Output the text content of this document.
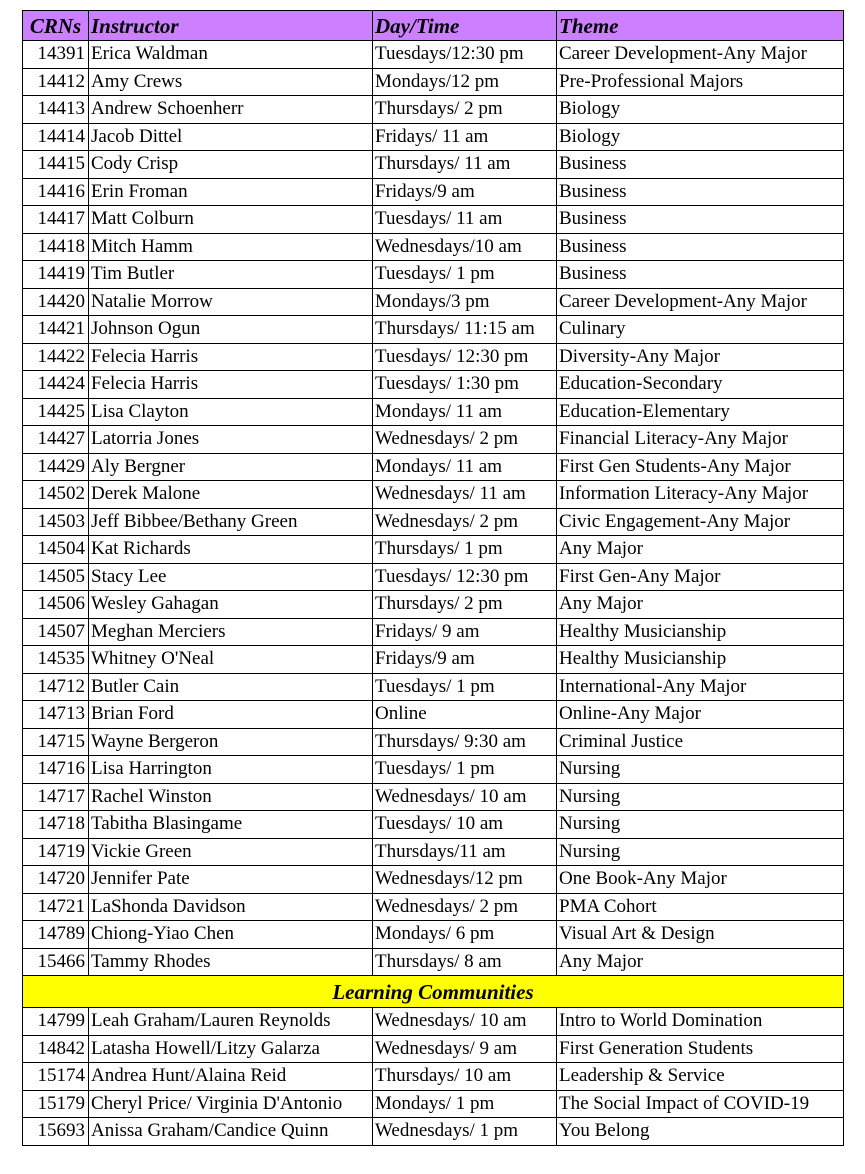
CRNs	Instructor	Day/Time	Theme
14391	Erica Waldman	Tuesdays/12:30 pm	Career Development-Any Major
14412	Amy Crews	Mondays/12 pm	Pre-Professional Majors
14413	Andrew Schoenherr	Thursdays/ 2 pm	Biology
14414	Jacob Dittel	Fridays/ 11 am	Biology
14415	Cody Crisp	Thursdays/ 11 am	Business
14416	Erin Froman	Fridays/9 am	Business
14417	Matt Colburn	Tuesdays/ 11 am	Business
14418	Mitch Hamm	Wednesdays/10 am	Business
14419	Tim Butler	Tuesdays/ 1 pm	Business
14420	Natalie Morrow	Mondays/3 pm	Career Development-Any Major
14421	Johnson Ogun	Thursdays/ 11:15 am	Culinary
14422	Felecia Harris	Tuesdays/ 12:30 pm	Diversity-Any Major
14424	Felecia Harris	Tuesdays/ 1:30 pm	Education-Secondary
14425	Lisa Clayton	Mondays/ 11 am	Education-Elementary
14427	Latorria Jones	Wednesdays/ 2 pm	Financial Literacy-Any Major
14429	Aly Bergner	Mondays/ 11 am	First Gen Students-Any Major
14502	Derek Malone	Wednesdays/ 11 am	Information Literacy-Any Major
14503	Jeff Bibbee/Bethany Green	Wednesdays/ 2 pm	Civic Engagement-Any Major
14504	Kat Richards	Thursdays/ 1 pm	Any Major
14505	Stacy Lee	Tuesdays/ 12:30 pm	First Gen-Any Major
14506	Wesley Gahagan	Thursdays/ 2 pm	Any Major
14507	Meghan Merciers	Fridays/ 9 am	Healthy Musicianship
14535	Whitney O'Neal	Fridays/9 am	Healthy Musicianship
14712	Butler Cain	Tuesdays/ 1 pm	International-Any Major
14713	Brian Ford	Online	Online-Any Major
14715	Wayne Bergeron	Thursdays/ 9:30 am	Criminal Justice
14716	Lisa Harrington	Tuesdays/ 1 pm	Nursing
14717	Rachel Winston	Wednesdays/ 10 am	Nursing
14718	Tabitha Blasingame	Tuesdays/ 10 am	Nursing
14719	Vickie Green	Thursdays/11 am	Nursing
14720	Jennifer Pate	Wednesdays/12 pm	One Book-Any Major
14721	LaShonda Davidson	Wednesdays/ 2 pm	PMA Cohort
14789	Chiong-Yiao Chen	Mondays/ 6 pm	Visual Art & Design
15466	Tammy Rhodes	Thursdays/ 8 am	Any Major
Learning Communities			
14799	Leah Graham/Lauren Reynolds	Wednesdays/ 10 am	Intro to World Domination
14842	Latasha Howell/Litzy Galarza	Wednesdays/ 9 am	First Generation Students
15174	Andrea Hunt/Alaina Reid	Thursdays/ 10 am	Leadership & Service
15179	Cheryl Price/ Virginia D'Antonio	Mondays/ 1 pm	The Social Impact of COVID-19
15693	Anissa Graham/Candice Quinn	Wednesdays/ 1 pm	You Belong
